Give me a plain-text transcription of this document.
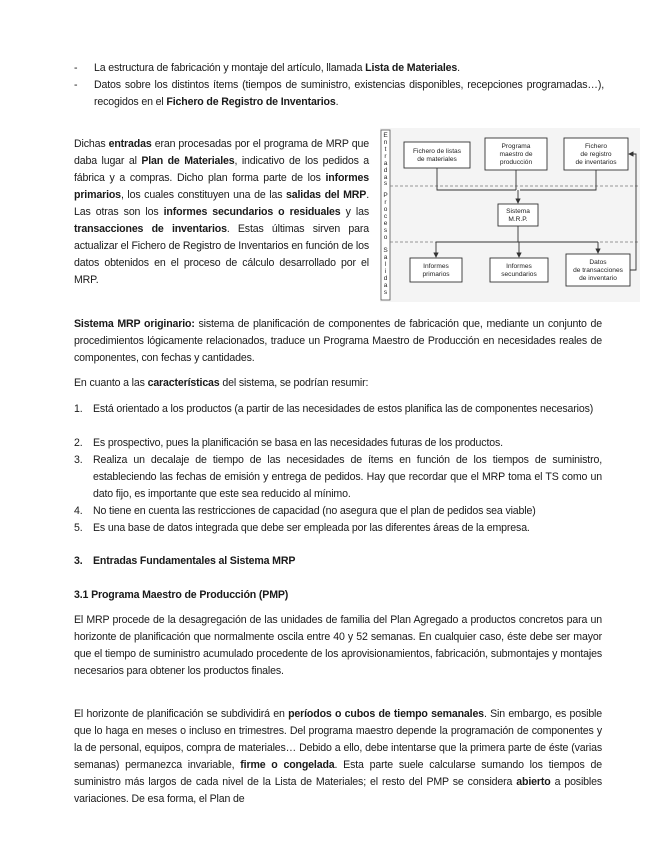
-	La estructura de fabricación y montaje del artículo, llamada Lista de Materiales.
-	Datos sobre los distintos ítems (tiempos de suministro, existencias disponibles, recepciones programadas…), recogidos en el Fichero de Registro de Inventarios.
Dichas entradas eran procesadas por el programa de MRP que daba lugar al Plan de Materiales, indicativo de los pedidos a fábrica y a compras. Dicho plan forma parte de los informes primarios, los cuales constituyen una de las salidas del MRP. Las otras son los informes secundarios o residuales y las transacciones de inventarios. Estas últimas sirven para actualizar el Fichero de Registro de Inventarios en función de los datos obtenidos en el proceso de cálculo desarrollado por el MRP.
E
n
t
r
a
d
a
s
P
r
o
c
e
s
o
S
a
l
i
d
a
s
Fichero de listas
de materiales
Programa
maestro de
producción
Fichero
de registro
de inventarios
Sistema
M.R.P.
Informes
primarios
Informes
secundarios
Datos
de transacciones
de inventario
Sistema MRP originario: sistema de planificación de componentes de fabricación que, mediante un conjunto de procedimientos lógicamente relacionados, traduce un Programa Maestro de Producción en necesidades reales de componentes, con fechas y cantidades.
En cuanto a las características del sistema, se podrían resumir:
1. Está orientado a los productos (a partir de las necesidades de estos planifica las de componentes necesarios)
2. Es prospectivo, pues la planificación se basa en las necesidades futuras de los productos.
3. Realiza un decalaje de tiempo de las necesidades de ítems en función de los tiempos de suministro, estableciendo las fechas de emisión y entrega de pedidos. Hay que recordar que el MRP toma el TS como un dato fijo, es importante que este sea reducido al mínimo.
4. No tiene en cuenta las restricciones de capacidad (no asegura que el plan de pedidos sea viable)
5. Es una base de datos integrada que debe ser empleada por las diferentes áreas de la empresa.
3. Entradas Fundamentales al Sistema MRP
3.1 Programa Maestro de Producción (PMP)
El MRP procede de la desagregación de las unidades de familia del Plan Agregado a productos concretos para un horizonte de planificación que normalmente oscila entre 40 y 52 semanas. En cualquier caso, éste debe ser mayor que el tiempo de suministro acumulado procedente de los aprovisionamientos, fabricación, submontajes y montajes necesarios para obtener los productos finales.
El horizonte de planificación se subdividirá en períodos o cubos de tiempo semanales. Sin embargo, es posible que lo haga en meses o incluso en trimestres. Del programa maestro depende la programación de componentes y la de personal, equipos, compra de materiales… Debido a ello, debe intentarse que la primera parte de éste (varias semanas) permanezca invariable, firme o congelada. Esta parte suele calcularse sumando los tiempos de suministro más largos de cada nivel de la Lista de Materiales; el resto del PMP se considera abierto a posibles variaciones. De esa forma, el Plan de
